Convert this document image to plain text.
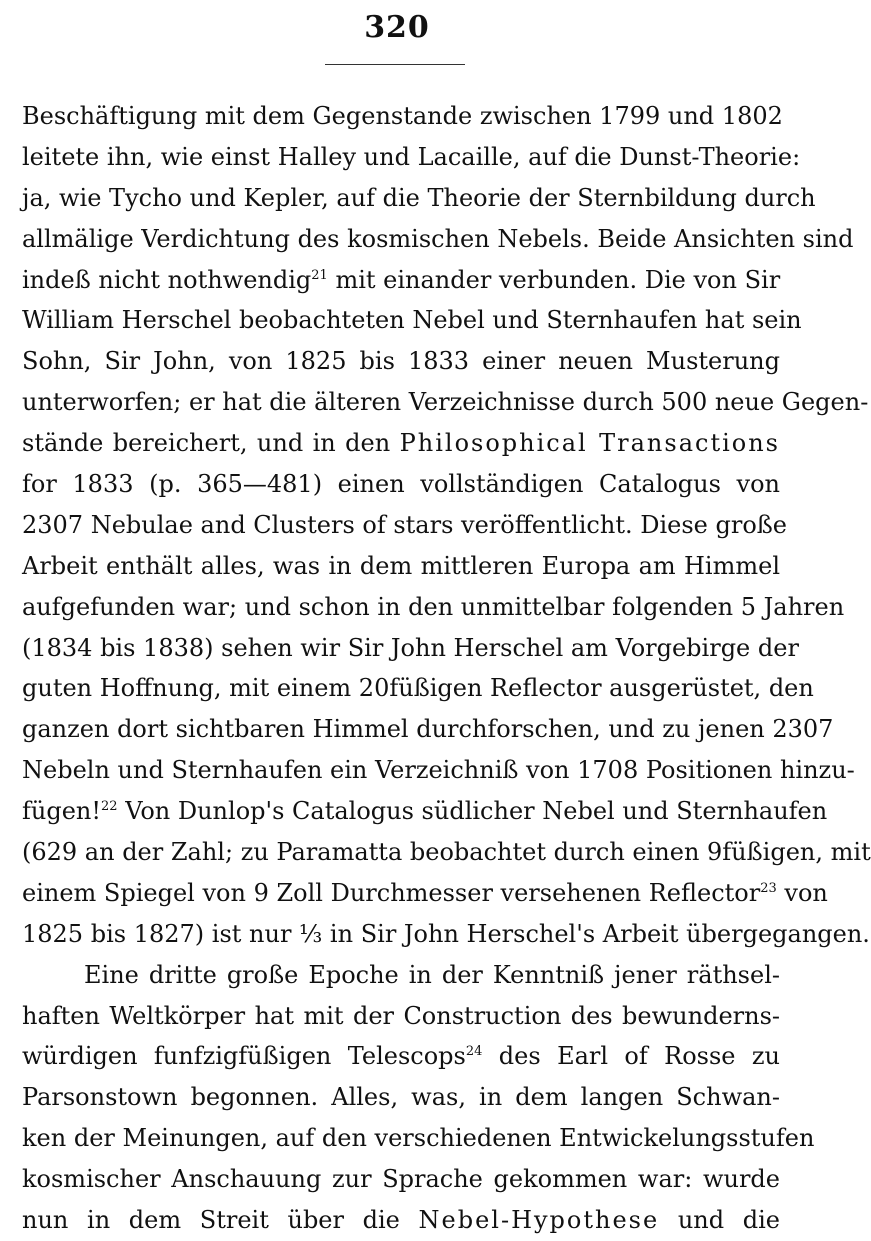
320
Beschäftigung mit dem Gegenstande zwischen 1799 und 1802
leitete ihn, wie einst Halley und Lacaille, auf die Dunst-Theorie:
ja, wie Tycho und Kepler, auf die Theorie der Sternbildung durch
allmälige Verdichtung des kosmischen Nebels. Beide Ansichten sind
indeß nicht nothwendig$^{21}$ mit einander verbunden. Die von Sir
William Herschel beobachteten Nebel und Sternhaufen hat sein
Sohn, Sir John, von 1825 bis 1833 einer neuen Musterung
unterworfen; er hat die älteren Verzeichnisse durch 500 neue Gegen-
stände bereichert, und in den Philosophical Transactions
for 1833 (p. 365—481) einen vollständigen Catalogus von
2307 Nebulae and Clusters of stars veröffentlicht. Diese große
Arbeit enthält alles, was in dem mittleren Europa am Himmel
aufgefunden war; und schon in den unmittelbar folgenden 5 Jahren
(1834 bis 1838) sehen wir Sir John Herschel am Vorgebirge der
guten Hoffnung, mit einem 20füßigen Reflector ausgerüstet, den
ganzen dort sichtbaren Himmel durchforschen, und zu jenen 2307
Nebeln und Sternhaufen ein Verzeichniß von 1708 Positionen hinzu-
fügen!$^{22}$ Von Dunlop's Catalogus südlicher Nebel und Sternhaufen
(629 an der Zahl; zu Paramatta beobachtet durch einen 9füßigen, mit
einem Spiegel von 9 Zoll Durchmesser versehenen Reflector$^{23}$ von
1825 bis 1827) ist nur ⅓ in Sir John Herschel's Arbeit übergegangen.
Eine dritte große Epoche in der Kenntniß jener räthsel-
haften Weltkörper hat mit der Construction des bewunderns-
würdigen funfzigfüßigen Telescops$^{24}$ des Earl of Rosse zu
Parsonstown begonnen. Alles, was, in dem langen Schwan-
ken der Meinungen, auf den verschiedenen Entwickelungsstufen
kosmischer Anschauung zur Sprache gekommen war: wurde
nun in dem Streit über die Nebel-Hypothese und die
